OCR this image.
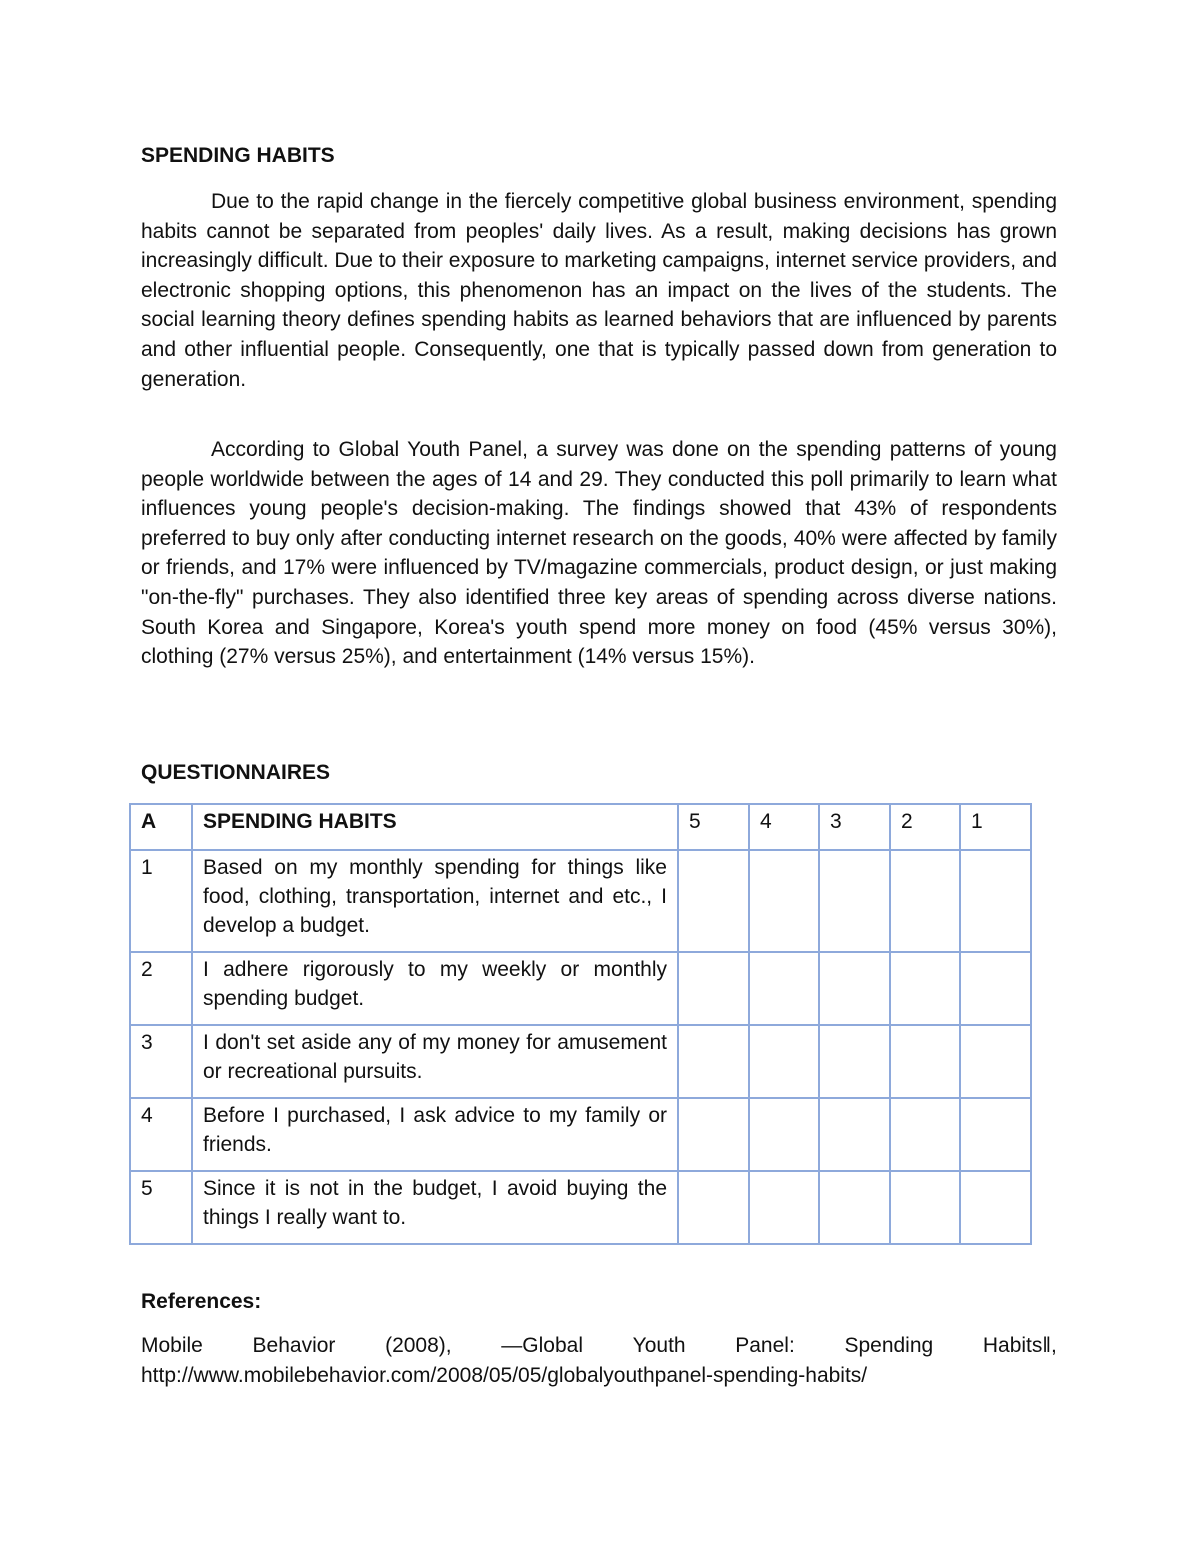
SPENDING HABITS

Due to the rapid change in the fiercely competitive global business environment, spending habits cannot be separated from peoples' daily lives. As a result, making decisions has grown increasingly difficult. Due to their exposure to marketing campaigns, internet service providers, and electronic shopping options, this phenomenon has an impact on the lives of the students. The social learning theory defines spending habits as learned behaviors that are influenced by parents and other influential people. Consequently, one that is typically passed down from generation to generation.

According to Global Youth Panel, a survey was done on the spending patterns of young people worldwide between the ages of 14 and 29. They conducted this poll primarily to learn what influences young people's decision-making. The findings showed that 43% of respondents preferred to buy only after conducting internet research on the goods, 40% were affected by family or friends, and 17% were influenced by TV/magazine commercials, product design, or just making "on-the-fly" purchases. They also identified three key areas of spending across diverse nations. South Korea and Singapore, Korea's youth spend more money on food (45% versus 30%), clothing (27% versus 25%), and entertainment (14% versus 15%).

QUESTIONNAIRES
A	SPENDING HABITS	5	4	3	2	1
1	Based on my monthly spending for things like food, clothing, transportation, internet and etc., I develop a budget.					
2	I adhere rigorously to my weekly or monthly spending budget.					
3	I don't set aside any of my money for amusement or recreational pursuits.					
4	Before I purchased, I ask advice to my family or friends.					
5	Since it is not in the budget, I avoid buying the things I really want to.					
References:
Mobile Behavior (2008), —Global Youth Panel: Spending Habits‖,
http://www.mobilebehavior.com/2008/05/05/globalyouthpanel-spending-habits/
